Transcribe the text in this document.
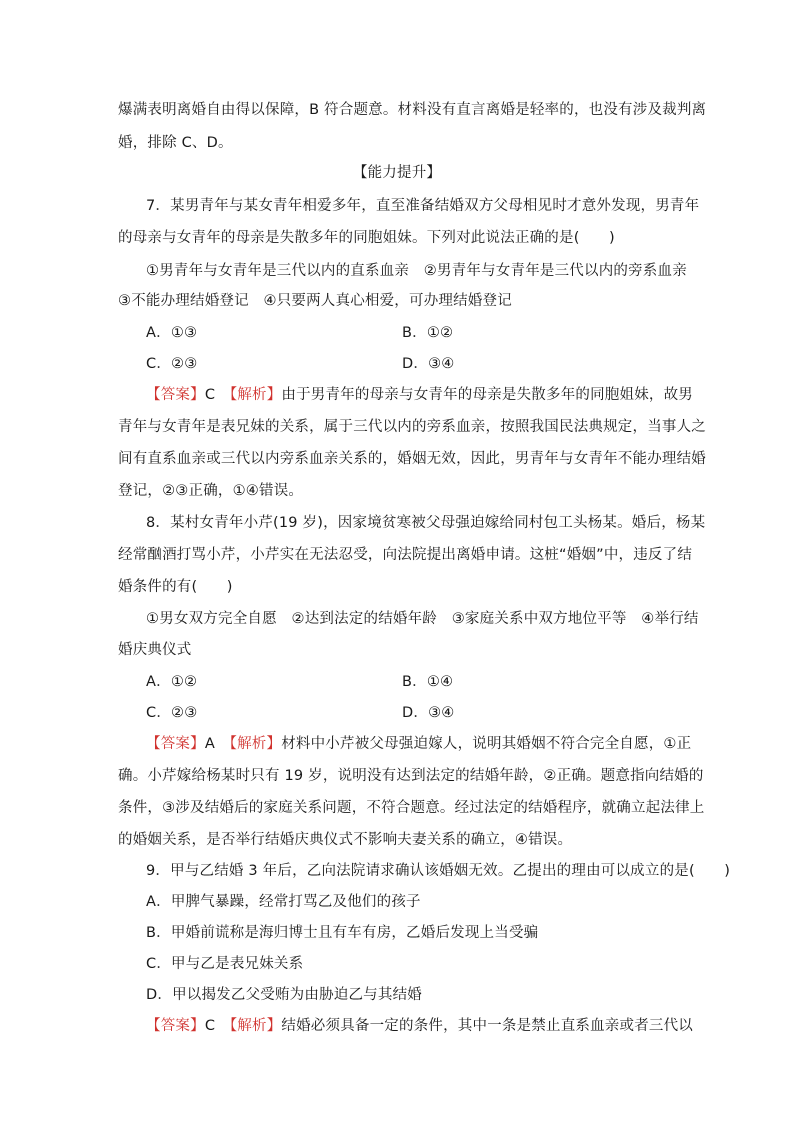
爆满表明离婚自由得以保障，B 符合题意。材料没有直言离婚是轻率的，也没有涉及裁判离
婚，排除 C、D。
【能力提升】
7．某男青年与某女青年相爱多年，直至准备结婚双方父母相见时才意外发现，男青年
的母亲与女青年的母亲是失散多年的同胞姐妹。下列对此说法正确的是(　　)
①男青年与女青年是三代以内的直系血亲　②男青年与女青年是三代以内的旁系血亲
③不能办理结婚登记　④只要两人真心相爱，可办理结婚登记
A．①③	B．①②
C．②③	D．③④
【答案】C　【解析】由于男青年的母亲与女青年的母亲是失散多年的同胞姐妹，故男
青年与女青年是表兄妹的关系，属于三代以内的旁系血亲，按照我国民法典规定，当事人之
间有直系血亲或三代以内旁系血亲关系的，婚姻无效，因此，男青年与女青年不能办理结婚
登记，②③正确，①④错误。
8．某村女青年小芹(19 岁)，因家境贫寒被父母强迫嫁给同村包工头杨某。婚后，杨某
经常酗酒打骂小芹，小芹实在无法忍受，向法院提出离婚申请。这桩“婚姻”中，违反了结
婚条件的有(　　)
①男女双方完全自愿　②达到法定的结婚年龄　③家庭关系中双方地位平等　④举行结
婚庆典仪式
A．①②	B．①④
C．②③	D．③④
【答案】A　【解析】材料中小芹被父母强迫嫁人，说明其婚姻不符合完全自愿，①正
确。小芹嫁给杨某时只有 19 岁，说明没有达到法定的结婚年龄，②正确。题意指向结婚的
条件，③涉及结婚后的家庭关系问题，不符合题意。经过法定的结婚程序，就确立起法律上
的婚姻关系，是否举行结婚庆典仪式不影响夫妻关系的确立，④错误。
9．甲与乙结婚 3 年后，乙向法院请求确认该婚姻无效。乙提出的理由可以成立的是(　　)
A．甲脾气暴躁，经常打骂乙及他们的孩子
B．甲婚前谎称是海归博士且有车有房，乙婚后发现上当受骗
C．甲与乙是表兄妹关系
D．甲以揭发乙父受贿为由胁迫乙与其结婚
【答案】C　【解析】结婚必须具备一定的条件，其中一条是禁止直系血亲或者三代以
